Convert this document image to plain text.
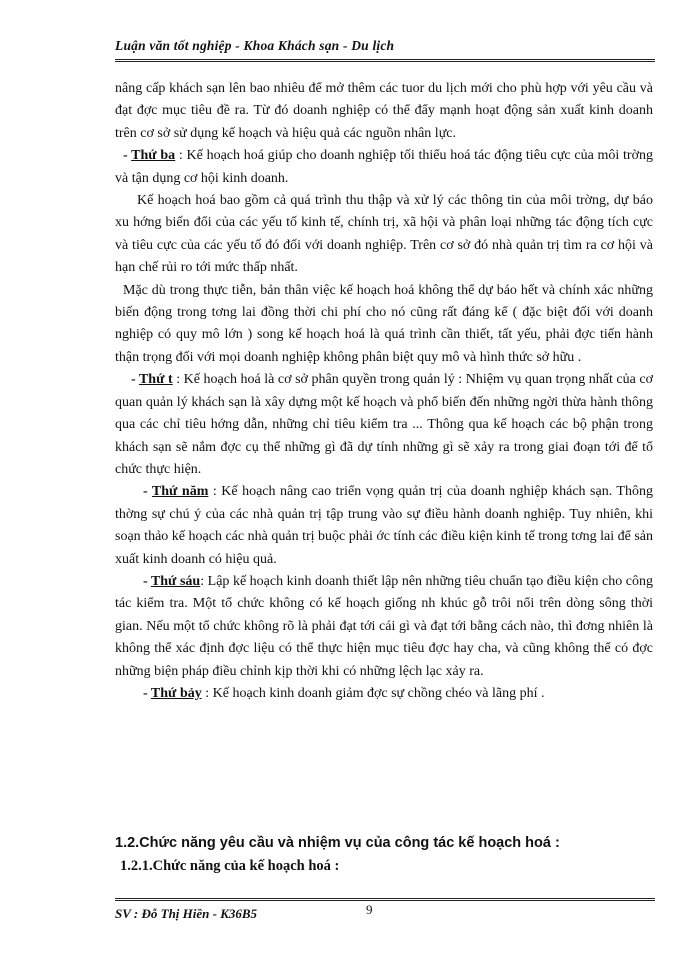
Luận văn tốt nghiệp - Khoa Khách sạn - Du lịch

nâng cấp khách sạn lên bao nhiêu để mở thêm các tuor du lịch mới cho phù hợp với yêu cầu và đạt đợc mục tiêu đề ra. Từ đó doanh nghiệp có thể đẩy mạnh hoạt động sản xuất kinh doanh trên cơ sở sử dụng kế hoạch và hiệu quả các nguồn nhân lực.

- Thứ ba : Kế hoạch hoá giúp cho doanh nghiệp tối thiểu hoá tác động tiêu cực của môi trờng và tận dụng cơ hội kinh doanh.

Kế hoạch hoá bao gồm cả quá trình thu thập và xử lý các thông tin của môi trờng, dự báo xu hớng biến đổi của các yếu tố kinh tế, chính trị, xã hội và phân loại những tác động tích cực và tiêu cực của các yếu tố đó đối với doanh nghiệp. Trên cơ sở đó nhà quản trị tìm ra cơ hội và hạn chế rủi ro tới mức thấp nhất.

Mặc dù trong thực tiễn, bản thân việc kế hoạch hoá không thể dự báo hết và chính xác những biến động trong tơng lai đồng thời chi phí cho nó cũng rất đáng kể ( đặc biệt đối với doanh nghiệp có quy mô lớn ) song kế hoạch hoá là quá trình cần thiết, tất yếu, phải đợc tiến hành thận trọng đối với mọi doanh nghiệp không phân biệt quy mô và hình thức sở hữu .

- Thứ t : Kế hoạch hoá là cơ sở phân quyền trong quản lý : Nhiệm vụ quan trọng nhất của cơ quan quản lý khách sạn là xây dựng một kế hoạch và phổ biến đến những ngời thừa hành thông qua các chỉ tiêu hớng dẫn, những chỉ tiêu kiểm tra ... Thông qua kế hoạch các bộ phận trong khách sạn sẽ nắm đợc cụ thể những gì đã dự tính những gì sẽ xảy ra trong giai đoạn tới để tổ chức thực hiện.

- Thứ năm : Kế hoạch nâng cao triển vọng quản trị của doanh nghiệp khách sạn. Thông thờng sự chú ý của các nhà quản trị tập trung vào sự điều hành doanh nghiệp. Tuy nhiên, khi soạn thảo kế hoạch các nhà quản trị buộc phải ớc tính các điều kiện kinh tế trong tơng lai để sản xuất kinh doanh có hiệu quả.

- Thứ sáu: Lập kế hoạch kinh doanh thiết lập nên những tiêu chuẩn tạo điều kiện cho công tác kiểm tra. Một tổ chức không có kế hoạch giống nh khúc gỗ trôi nổi trên dòng sông thời gian. Nếu một tổ chức không rõ là phải đạt tới cái gì và đạt tới bằng cách nào, thì đơng nhiên là không thể xác định đợc liệu có thể thực hiện mục tiêu đợc hay cha, và cũng không thể có đợc những biện pháp điều chỉnh kịp thời khi có những lệch lạc xảy ra.

- Thứ bảy : Kế hoạch kinh doanh giảm đợc sự chồng chéo và lãng phí .

1.2.Chức năng yêu cầu và nhiệm vụ của công tác kế hoạch hoá :
1.2.1.Chức năng của kế hoạch hoá :
SV : Đỗ Thị Hiền - K36B5	9
